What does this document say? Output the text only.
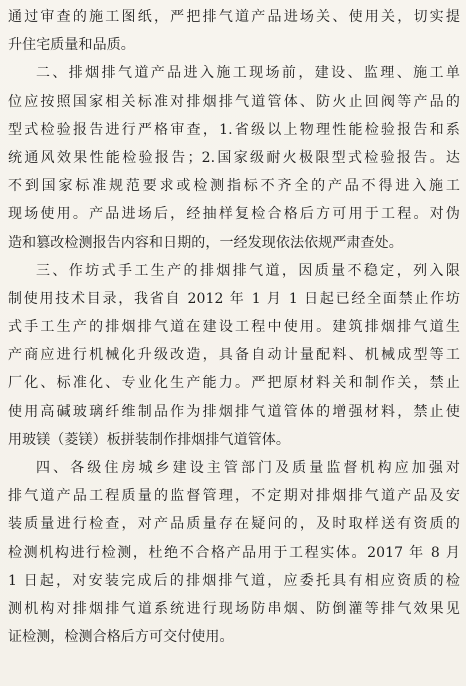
通过审查的施工图纸，严把排气道产品进场关、使用关，切实提
升住宅质量和品质。
二、排烟排气道产品进入施工现场前，建设、监理、施工单
位应按照国家相关标准对排烟排气道管体、防火止回阀等产品的
型式检验报告进行严格审查，1.省级以上物理性能检验报告和系
统通风效果性能检验报告；2.国家级耐火极限型式检验报告。达
不到国家标准规范要求或检测指标不齐全的产品不得进入施工
现场使用。产品进场后，经抽样复检合格后方可用于工程。对伪
造和篡改检测报告内容和日期的，一经发现依法依规严肃查处。
三、作坊式手工生产的排烟排气道，因质量不稳定，列入限
制使用技术目录，我省自 2012 年 1 月 1 日起已经全面禁止作坊
式手工生产的排烟排气道在建设工程中使用。建筑排烟排气道生
产商应进行机械化升级改造，具备自动计量配料、机械成型等工
厂化、标准化、专业化生产能力。严把原材料关和制作关，禁止
使用高碱玻璃纤维制品作为排烟排气道管体的增强材料，禁止使
用玻镁（菱镁）板拼装制作排烟排气道管体。
四、各级住房城乡建设主管部门及质量监督机构应加强对
排气道产品工程质量的监督管理，不定期对排烟排气道产品及安
装质量进行检查，对产品质量存在疑问的，及时取样送有资质的
检测机构进行检测，杜绝不合格产品用于工程实体。2017 年 8 月
1 日起，对安装完成后的排烟排气道，应委托具有相应资质的检
测机构对排烟排气道系统进行现场防串烟、防倒灌等排气效果见
证检测，检测合格后方可交付使用。
